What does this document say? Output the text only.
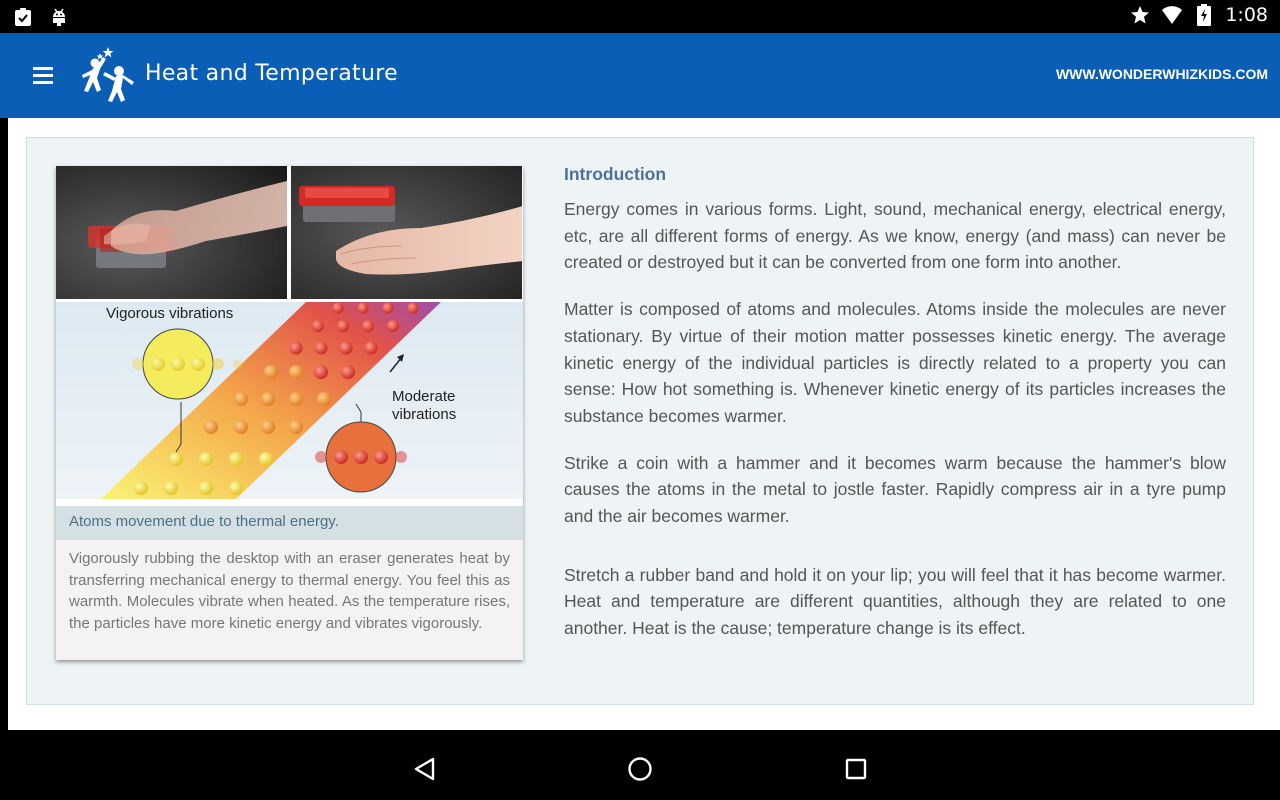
1:08
Heat and Temperature	WWW.WONDERWHIZKIDS.COM
Vigorous vibrations
Moderate
vibrations
Atoms movement due to thermal energy.
Vigorously rubbing the desktop with an eraser generates heat by transferring mechanical energy to thermal energy. You feel this as warmth. Molecules vibrate when heated. As the temperature rises, the particles have more kinetic energy and vibrates vigorously.
Introduction

Energy comes in various forms. Light, sound, mechanical energy, electrical energy, etc, are all different forms of energy. As we know, energy (and mass) can never be created or destroyed but it can be converted from one form into another.

Matter is composed of atoms and molecules. Atoms inside the molecules are never stationary. By virtue of their motion matter possesses kinetic energy. The average kinetic energy of the individual particles is directly related to a property you can sense: How hot something is. Whenever kinetic energy of its particles increases the substance becomes warmer.

Strike a coin with a hammer and it becomes warm because the hammer's blow causes the atoms in the metal to jostle faster. Rapidly compress air in a tyre pump and the air becomes warmer.

Stretch a rubber band and hold it on your lip; you will feel that it has become warmer. Heat and temperature are different quantities, although they are related to one another. Heat is the cause; temperature change is its effect.
